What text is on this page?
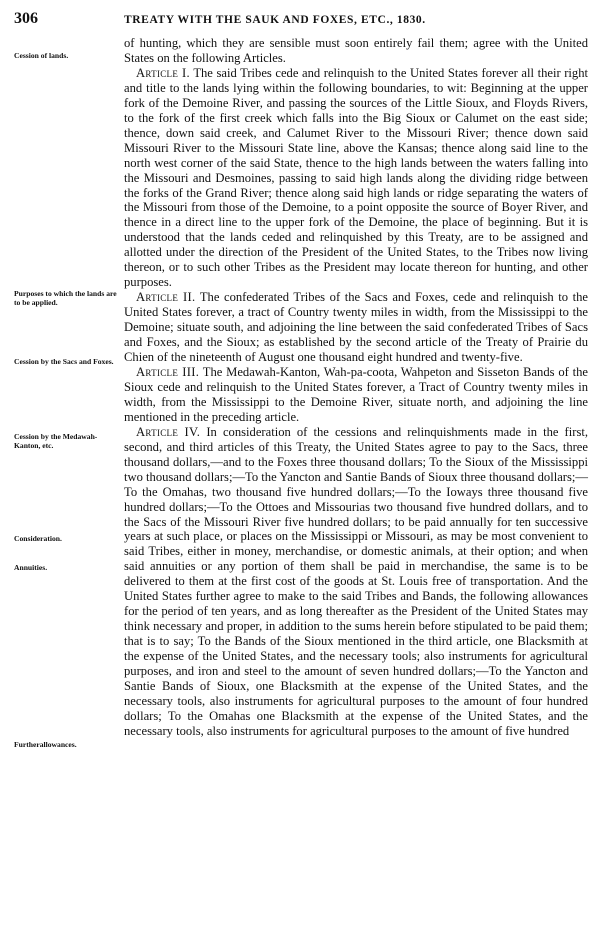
306	TREATY WITH THE SAUK AND FOXES, ETC., 1830.
Cession of lands.
Purposes to which the lands are to be applied.
Cession by the Sacs and Foxes.
Cession by the Medawah-Kanton, etc.
Consideration.
Annuities.
Furtherallowances.

of hunting, which they are sensible must soon entirely fail them; agree with the United States on the following Articles.

Article I. The said Tribes cede and relinquish to the United States forever all their right and title to the lands lying within the following boundaries, to wit: Beginning at the upper fork of the Demoine River, and passing the sources of the Little Sioux, and Floyds Rivers, to the fork of the first creek which falls into the Big Sioux or Calumet on the east side; thence, down said creek, and Calumet River to the Missouri River; thence down said Missouri River to the Missouri State line, above the Kansas; thence along said line to the north west corner of the said State, thence to the high lands between the waters falling into the Missouri and Desmoines, passing to said high lands along the dividing ridge between the forks of the Grand River; thence along said high lands or ridge separating the waters of the Missouri from those of the Demoine, to a point opposite the source of Boyer River, and thence in a direct line to the upper fork of the Demoine, the place of beginning. But it is understood that the lands ceded and relinquished by this Treaty, are to be assigned and allotted under the direction of the President of the United States, to the Tribes now living thereon, or to such other Tribes as the President may locate thereon for hunting, and other purposes.

Article II. The confederated Tribes of the Sacs and Foxes, cede and relinquish to the United States forever, a tract of Country twenty miles in width, from the Mississippi to the Demoine; situate south, and adjoining the line between the said confederated Tribes of Sacs and Foxes, and the Sioux; as established by the second article of the Treaty of Prairie du Chien of the nineteenth of August one thousand eight hundred and twenty-five.

Article III. The Medawah-Kanton, Wah-pa-coota, Wahpeton and Sisseton Bands of the Sioux cede and relinquish to the United States forever, a Tract of Country twenty miles in width, from the Mississippi to the Demoine River, situate north, and adjoining the line mentioned in the preceding article.

Article IV. In consideration of the cessions and relinquishments made in the first, second, and third articles of this Treaty, the United States agree to pay to the Sacs, three thousand dollars,—and to the Foxes three thousand dollars; To the Sioux of the Mississippi two thousand dollars;—To the Yancton and Santie Bands of Sioux three thousand dollars;—To the Omahas, two thousand five hundred dollars;—To the Ioways three thousand five hundred dollars;—To the Ottoes and Missourias two thousand five hundred dollars, and to the Sacs of the Missouri River five hundred dollars; to be paid annually for ten successive years at such place, or places on the Mississippi or Missouri, as may be most convenient to said Tribes, either in money, merchandise, or domestic animals, at their option; and when said annuities or any portion of them shall be paid in merchandise, the same is to be delivered to them at the first cost of the goods at St. Louis free of transportation. And the United States further agree to make to the said Tribes and Bands, the following allowances for the period of ten years, and as long thereafter as the President of the United States may think necessary and proper, in addition to the sums herein before stipulated to be paid them; that is to say; To the Bands of the Sioux mentioned in the third article, one Blacksmith at the expense of the United States, and the necessary tools; also instruments for agricultural purposes, and iron and steel to the amount of seven hundred dollars;—To the Yancton and Santie Bands of Sioux, one Blacksmith at the expense of the United States, and the necessary tools, also instruments for agricultural purposes to the amount of four hundred dollars; To the Omahas one Blacksmith at the expense of the United States, and the necessary tools, also instruments for agricultural purposes to the amount of five hundred
